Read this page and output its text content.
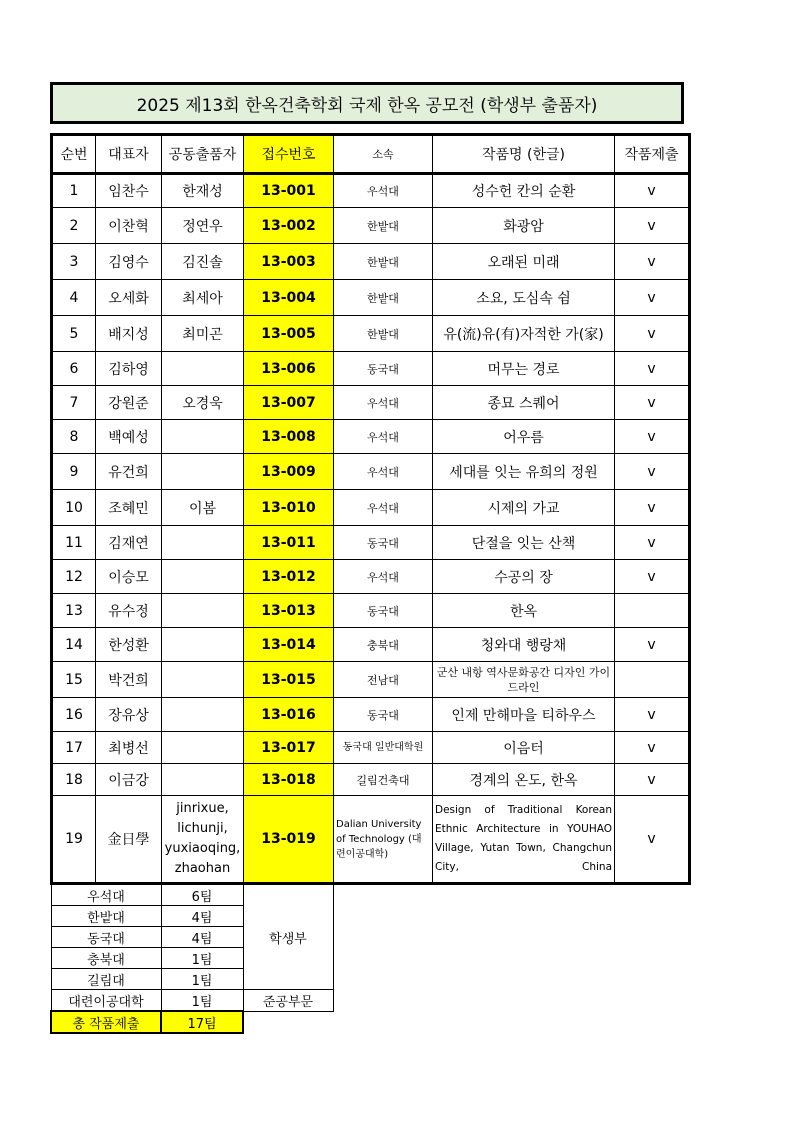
2025 제13회 한옥건축학회 국제 한옥 공모전 (학생부 출품자)
순번	대표자	공동출품자	접수번호	소속	작품명 (한글)	작품제출
1	임찬수	한재성	13-001	우석대	성수헌 칸의 순환	v
2	이찬혁	정연우	13-002	한밭대	화광암	v
3	김영수	김진솔	13-003	한밭대	오래된 미래	v
4	오세화	최세아	13-004	한밭대	소요, 도심속 쉼	v
5	배지성	최미곤	13-005	한밭대	유(流)유(有)자적한 가(家)	v
6	김하영		13-006	동국대	머무는 경로	v
7	강원준	오경욱	13-007	우석대	종묘 스퀘어	v
8	백예성		13-008	우석대	어우름	v
9	유건희		13-009	우석대	세대를 잇는 유희의 정원	v
10	조혜민	이봄	13-010	우석대	시제의 가교	v
11	김재연		13-011	동국대	단절을 잇는 산책	v
12	이승모		13-012	우석대	수공의 장	v
13	유수정		13-013	동국대	한옥	
14	한성환		13-014	충북대	청와대 행랑채	v
15	박건희		13-015	전남대	군산 내항 역사문화공간 디자인 가이드라인	
16	장유상		13-016	동국대	인제 만해마을 티하우스	v
17	최병선		13-017	동국대 일반대학원	이음터	v
18	이금강		13-018	길림건축대	경계의 온도, 한옥	v
19	金日學	jinrixue, lichunji, yuxiaoqing, zhaohan	13-019	Dalian University of Technology (대련이공대학)	Design of Traditional Korean Ethnic Architecture in YOUHAO Village, Yutan Town, Changchun City, China	v
우석대	6팀	학생부
한밭대	4팀	
동국대	4팀	
충북대	1팀	
길림대	1팀	
대련이공대학	1팀	준공부문
총 작품제출	17팀	
